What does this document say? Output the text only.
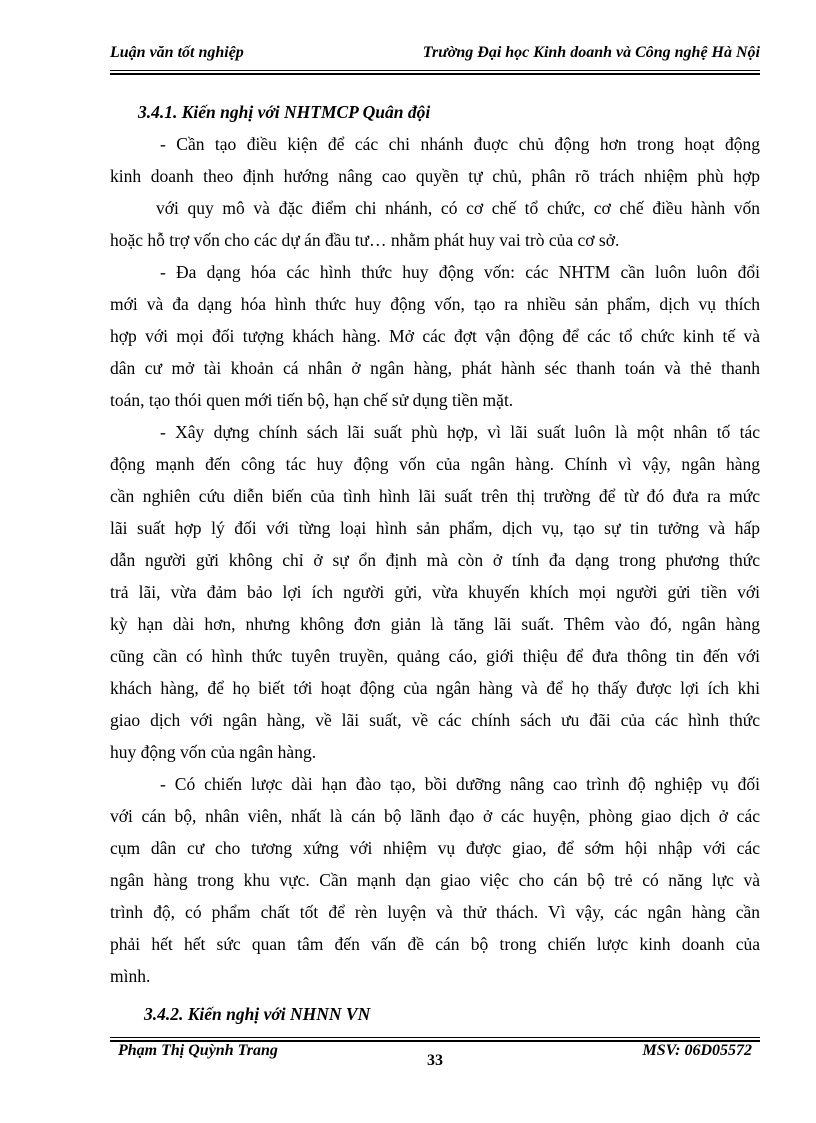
Luận văn tốt nghiệp	Trường Đại học Kinh doanh và Công nghệ Hà Nội

3.4.1. Kiến nghị với NHTMCP Quân đội

- Cần tạo điều kiện để các chi nhánh đuợc chủ động hơn trong hoạt động
kinh doanh theo định hướng nâng cao quyền tự chủ, phân rõ trách nhiệm phù hợp
với quy mô và đặc điểm chi nhánh, có cơ chế tổ chức, cơ chế điều hành vốn
hoặc hỗ trợ vốn cho các dự án đầu tư… nhằm phát huy vai trò của cơ sở.
- Đa dạng hóa các hình thức huy động vốn: các NHTM cần luôn luôn đổi
mới và đa dạng hóa hình thức huy động vốn, tạo ra nhiều sản phẩm, dịch vụ thích
hợp với mọi đối tượng khách hàng. Mở các đợt vận động để các tổ chức kinh tế và
dân cư mở tài khoản cá nhân ở ngân hàng, phát hành séc thanh toán và thẻ thanh
toán, tạo thói quen mới tiến bộ, hạn chế sử dụng tiền mặt.
- Xây dựng chính sách lãi suất phù hợp, vì lãi suất luôn là một nhân tố tác
động mạnh đến công tác huy động vốn của ngân hàng. Chính vì vậy, ngân hàng
cần nghiên cứu diễn biến của tình hình lãi suất trên thị trường để từ đó đưa ra mức
lãi suất hợp lý đối với từng loại hình sản phẩm, dịch vụ, tạo sự tin tưởng và hấp
dẫn người gửi không chỉ ở sự ổn định mà còn ở tính đa dạng trong phương thức
trả lãi, vừa đảm bảo lợi ích người gửi, vừa khuyến khích mọi người gửi tiền với
kỳ hạn dài hơn, nhưng không đơn giản là tăng lãi suất. Thêm vào đó, ngân hàng
cũng cần có hình thức tuyên truyền, quảng cáo, giới thiệu để đưa thông tin đến với
khách hàng, để họ biết tới hoạt động của ngân hàng và để họ thấy được lợi ích khi
giao dịch với ngân hàng, về lãi suất, về các chính sách ưu đãi của các hình thức
huy động vốn của ngân hàng.
- Có chiến lược dài hạn đào tạo, bồi dưỡng nâng cao trình độ nghiệp vụ đối
với cán bộ, nhân viên, nhất là cán bộ lãnh đạo ở các huyện, phòng giao dịch ở các
cụm dân cư cho tương xứng với nhiệm vụ được giao, để sớm hội nhập với các
ngân hàng trong khu vực. Cần mạnh dạn giao việc cho cán bộ trẻ có năng lực và
trình độ, có phẩm chất tốt để rèn luyện và thử thách. Vì vậy, các ngân hàng cần
phải hết hết sức quan tâm đến vấn đề cán bộ trong chiến lược kinh doanh của
mình.

3.4.2. Kiến nghị với NHNN VN

Phạm Thị Quỳnh Trang
33
MSV: 06D05572
